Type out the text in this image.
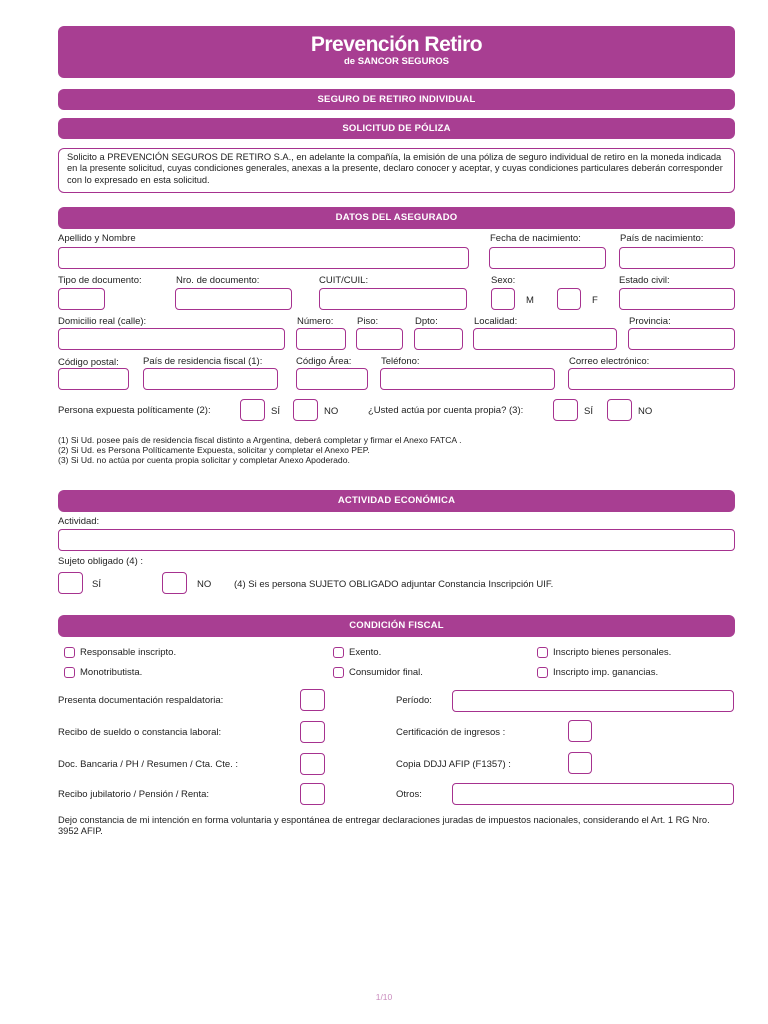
Prevención Retiro
de SANCOR SEGUROS
SEGURO DE RETIRO INDIVIDUAL
SOLICITUD DE PÓLIZA
Solicito a PREVENCIÓN SEGUROS DE RETIRO S.A., en adelante la compañía, la emisión de una póliza de seguro individual de retiro en la moneda indicada en la presente solicitud, cuyas condiciones generales, anexas a la presente, declaro conocer y aceptar, y cuyas condiciones particulares deberán corresponder con lo expresado en esta solicitud.
DATOS DEL ASEGURADO
Apellido y Nombre	Fecha de nacimiento:	País de nacimiento:
Tipo de documento:	Nro. de documento:	CUIT/CUIL:	Sexo:	Estado civil:
M	F
Domicilio real (calle):	Número: Piso:	Dpto:	Localidad:	Provincia:
Código postal:	País de residencia fiscal (1):	Código Área:	Teléfono:	Correo electrónico:
Persona expuesta políticamente (2):	SÍ	NO	¿Usted actúa por cuenta propia? (3):	SÍ	NO
(1) Si Ud. posee país de residencia fiscal distinto a Argentina, deberá completar y firmar el Anexo FATCA .
(2) Si Ud. es Persona Políticamente Expuesta, solicitar y completar el Anexo PEP.
(3) Si Ud. no actúa por cuenta propia solicitar y completar Anexo Apoderado.
ACTIVIDAD ECONÓMICA
Actividad:
Sujeto obligado (4) :
SÍ	NO (4) Si es persona SUJETO OBLIGADO adjuntar Constancia Inscripción UIF.
CONDICIÓN FISCAL
Responsable inscripto.	Exento.	Inscripto bienes personales.
Monotributista.	Consumidor final.	Inscripto imp. ganancias.
Presenta documentación respaldatoria:	Período:
Recibo de sueldo o constancia laboral:	Certificación de ingresos :
Doc. Bancaria / PH / Resumen / Cta. Cte. :	Copia DDJJ AFIP (F1357) :
Recibo jubilatorio / Pensión / Renta:	Otros:
Dejo constancia de mi intención en forma voluntaria y espontánea de entregar declaraciones juradas de impuestos nacionales, considerando el Art. 1 RG Nro. 3952 AFIP.
1/10
